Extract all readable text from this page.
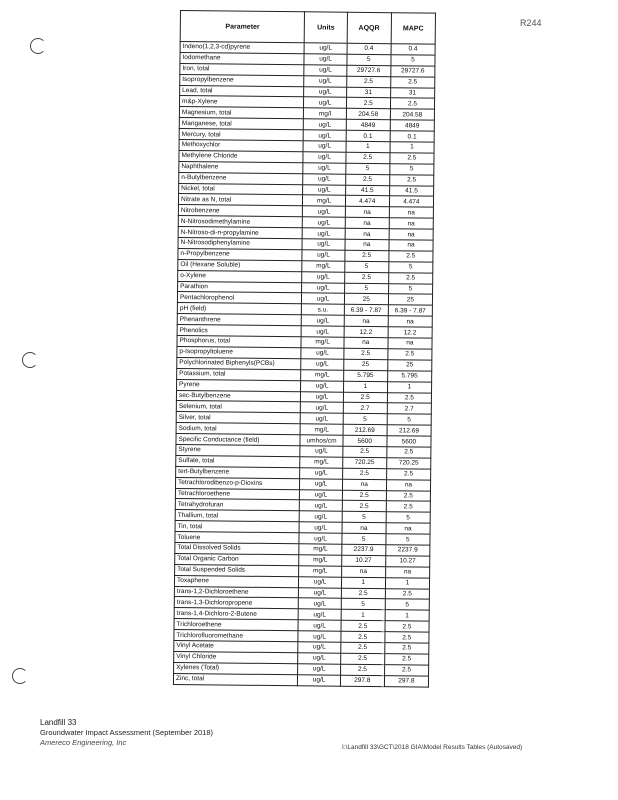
R244
Parameter	Units	AQQR	MAPC
Indeno(1,2,3-cd)pyrene	ug/L	0.4	0.4
Iodomethane	ug/L	5	5
Iron, total	ug/L	29727.6	29727.6
Isopropylbenzene	ug/L	2.5	2.5
Lead, total	ug/L	31	31
m&p-Xylene	ug/L	2.5	2.5
Magnesium, total	mg/l	204.58	204.58
Manganese, total	ug/L	4849	4849
Mercury, total	ug/L	0.1	0.1
Methoxychlor	ug/L	1	1
Methylene Chloride	ug/L	2.5	2.5
Naphthalene	ug/L	5	5
n-Butylbenzene	ug/L	2.5	2.5
Nickel, total	ug/L	41.5	41.5
Nitrate as N, total	mg/L	4.474	4.474
Nitrobenzene	ug/L	na	na
N-Nitrosodimethylamine	ug/L	na	na
N-Nitroso-di-n-propylamine	ug/L	na	na
N-Nitrosodiphenylamine	ug/L	na	na
n-Propylbenzene	ug/L	2.5	2.5
Oil (Hexane Soluble)	mg/L	5	5
o-Xylene	ug/L	2.5	2.5
Parathion	ug/L	5	5
Pentachlorophenol	ug/L	25	25
pH (field)	s.u.	6.39 - 7.87	6.39 - 7.87
Phenanthrene	ug/L	na	na
Phenolics	ug/L	12.2	12.2
Phosphorus, total	mg/L	na	na
p-Isopropyltoluene	ug/L	2.5	2.5
Polychlorinated Biphenyls(PCBs)	ug/L	25	25
Potassium, total	mg/L	5.795	5.795
Pyrene	ug/L	1	1
sec-Butylbenzene	ug/L	2.5	2.5
Selenium, total	ug/L	2.7	2.7
Silver, total	ug/L	5	5
Sodium, total	mg/L	212.69	212.69
Specific Conductance (field)	umhos/cm	5600	5600
Styrene	ug/L	2.5	2.5
Sulfate, total	mg/L	720.25	720.25
tert-Butylbenzene	ug/L	2.5	2.5
Tetrachlorodibenzo-p-Dioxins	ug/L	na	na
Tetrachloroethene	ug/L	2.5	2.5
Tetrahydrofuran	ug/L	2.5	2.5
Thallium, total	ug/L	5	5
Tin, total	ug/L	na	na
Toluene	ug/L	5	5
Total Dissolved Solids	mg/L	2237.9	2237.9
Total Organic Carbon	mg/L	10.27	10.27
Total Suspended Solids	mg/L	na	na
Toxaphene	ug/L	1	1
trans-1,2-Dichloroethene	ug/L	2.5	2.5
trans-1,3-Dichloropropene	ug/L	5	5
trans-1,4-Dichloro-2-Butene	ug/L	1	1
Trichloroethene	ug/L	2.5	2.5
Trichlorofluoromethane	ug/L	2.5	2.5
Vinyl Acetate	ug/L	2.5	2.5
Vinyl Chloride	ug/L	2.5	2.5
Xylenes (Total)	ug/L	2.5	2.5
Zinc, total	ug/L	297.8	297.8
Landfill 33
Groundwater Impact Assessment (September 2018)
Amereco Engineering, Inc
I:\Landfill 33\GCT\2018 GIA\Model Results Tables (Autosaved)
